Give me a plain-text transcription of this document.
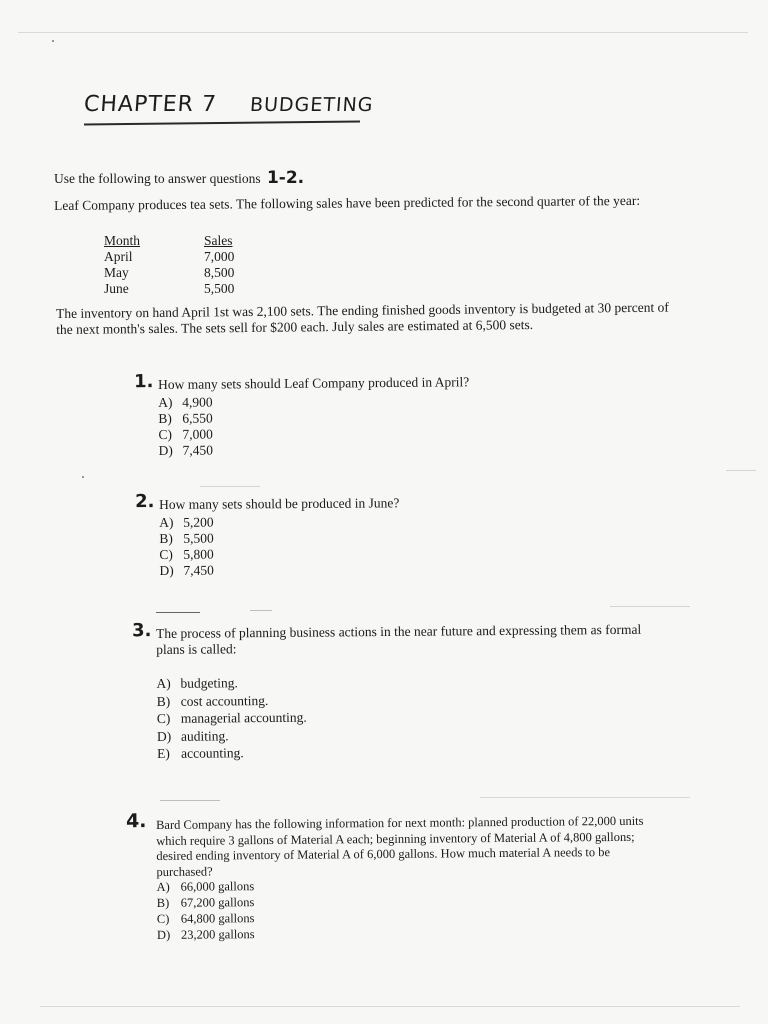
CHAPTER 7 BUDGETING
Use the following to answer questions 1-2.
Leaf Company produces tea sets. The following sales have been predicted for the second quarter of the year:
Month	Sales
April	7,000
May	8,500
June	5,500
The inventory on hand April 1st was 2,100 sets. The ending finished goods inventory is budgeted at 30 percent of
the next month's sales. The sets sell for $200 each. July sales are estimated at 6,500 sets.
1. How many sets should Leaf Company produced in April?
A) 4,900
B) 6,550
C) 7,000
D) 7,450
2. How many sets should be produced in June?
A) 5,200
B) 5,500
C) 5,800
D) 7,450
3. The process of planning business actions in the near future and expressing them as formal
plans is called:
A) budgeting.
B) cost accounting.
C) managerial accounting.
D) auditing.
E) accounting.
4. Bard Company has the following information for next month: planned production of 22,000 units
which require 3 gallons of Material A each; beginning inventory of Material A of 4,800 gallons;
desired ending inventory of Material A of 6,000 gallons. How much material A needs to be
purchased?
A) 66,000 gallons
B) 67,200 gallons
C) 64,800 gallons
D) 23,200 gallons
